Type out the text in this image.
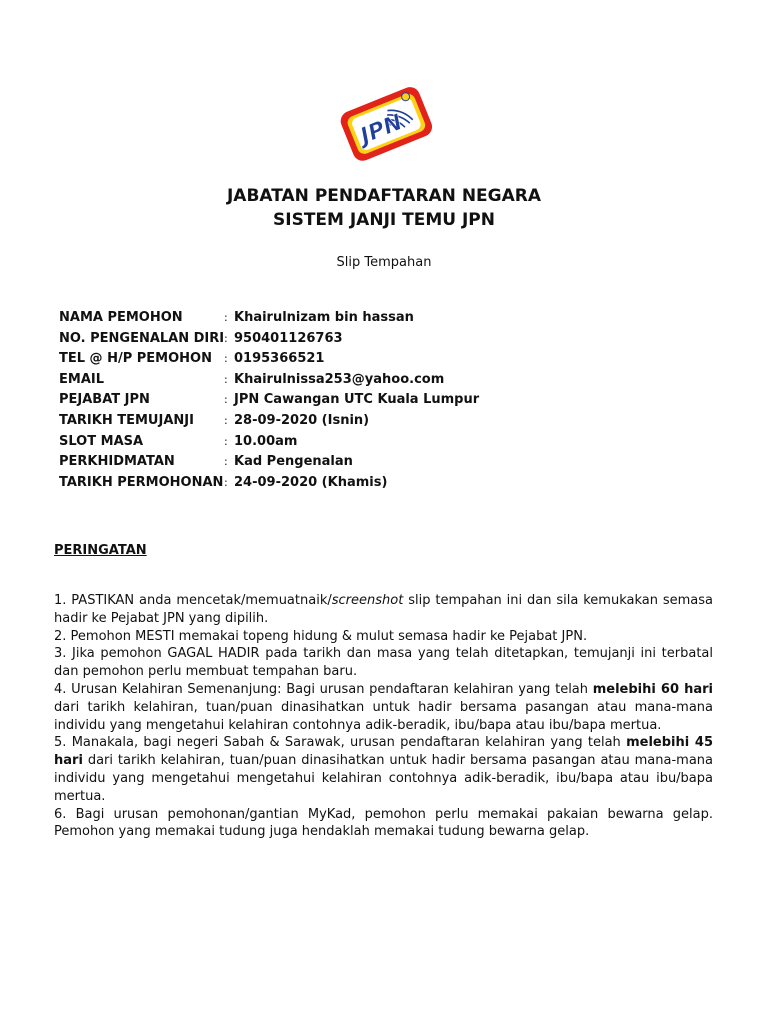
JPN
JABATAN PENDAFTARAN NEGARA
SISTEM JANJI TEMU JPN
Slip Tempahan
NAMA PEMOHON	: Khairulnizam bin hassan
NO. PENGENALAN DIRI : 950401126763
TEL @ H/P PEMOHON	: 0195366521
EMAIL	: Khairulnissa253@yahoo.com
PEJABAT JPN	: JPN Cawangan UTC Kuala Lumpur
TARIKH TEMUJANJI	: 28-09-2020 (Isnin)
SLOT MASA	: 10.00am
PERKHIDMATAN	: Kad Pengenalan
TARIKH PERMOHONAN : 24-09-2020 (Khamis)
PERINGATAN

1. PASTIKAN anda mencetak/memuatnaik/screenshot slip tempahan ini dan sila kemukakan semasa hadir ke Pejabat JPN yang dipilih.

2. Pemohon MESTI memakai topeng hidung & mulut semasa hadir ke Pejabat JPN.

3. Jika pemohon GAGAL HADIR pada tarikh dan masa yang telah ditetapkan, temujanji ini terbatal dan pemohon perlu membuat tempahan baru.

4. Urusan Kelahiran Semenanjung: Bagi urusan pendaftaran kelahiran yang telah melebihi 60 hari dari tarikh kelahiran, tuan/puan dinasihatkan untuk hadir bersama pasangan atau mana-mana individu yang mengetahui kelahiran contohnya adik-beradik, ibu/bapa atau ibu/bapa mertua.

5. Manakala, bagi negeri Sabah & Sarawak, urusan pendaftaran kelahiran yang telah melebihi 45 hari dari tarikh kelahiran, tuan/puan dinasihatkan untuk hadir bersama pasangan atau mana-mana individu yang mengetahui mengetahui kelahiran contohnya adik-beradik, ibu/bapa atau ibu/bapa mertua.

6. Bagi urusan pemohonan/gantian MyKad, pemohon perlu memakai pakaian bewarna gelap. Pemohon yang memakai tudung juga hendaklah memakai tudung bewarna gelap.
